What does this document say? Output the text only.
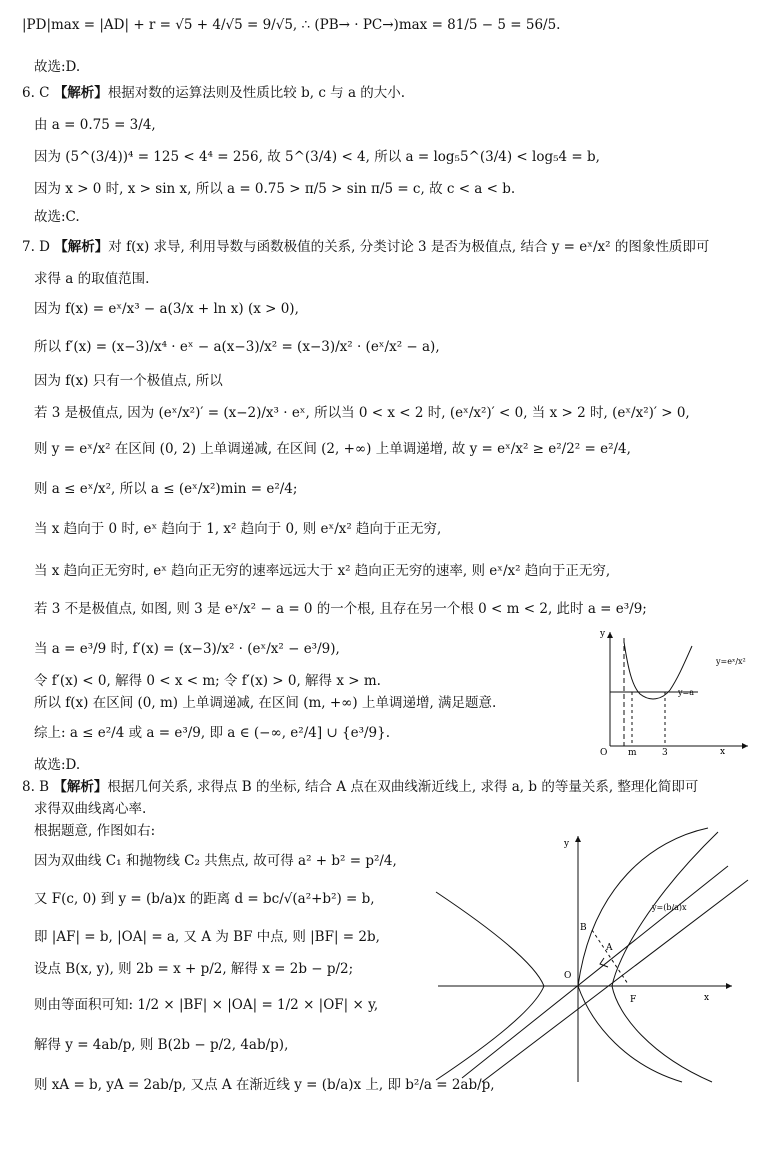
|PD|max = |AD| + r = √5 + 4/√5 = 9/√5, ∴ (PB→ · PC→)max = 81/5 − 5 = 56/5.
故选:D.
6. C 【解析】根据对数的运算法则及性质比较 b, c 与 a 的大小.
由 a = 0.75 = 3/4,
因为 (5^(3/4))⁴ = 125 < 4⁴ = 256, 故 5^(3/4) < 4, 所以 a = log₅5^(3/4) < log₅4 = b,
因为 x > 0 时, x > sin x, 所以 a = 0.75 > π/5 > sin π/5 = c, 故 c < a < b.
故选:C.
7. D 【解析】对 f(x) 求导, 利用导数与函数极值的关系, 分类讨论 3 是否为极值点, 结合 y = eˣ/x² 的图象性质即可
求得 a 的取值范围.
因为 f(x) = eˣ/x³ − a(3/x + ln x) (x > 0),
所以 f′(x) = (x−3)/x⁴ · eˣ − a(x−3)/x² = (x−3)/x² · (eˣ/x² − a),
因为 f(x) 只有一个极值点, 所以
若 3 是极值点, 因为 (eˣ/x²)′ = (x−2)/x³ · eˣ, 所以当 0 < x < 2 时, (eˣ/x²)′ < 0, 当 x > 2 时, (eˣ/x²)′ > 0,
则 y = eˣ/x² 在区间 (0, 2) 上单调递减, 在区间 (2, +∞) 上单调递增, 故 y = eˣ/x² ≥ e²/2² = e²/4,
则 a ≤ eˣ/x², 所以 a ≤ (eˣ/x²)min = e²/4;
当 x 趋向于 0 时, eˣ 趋向于 1, x² 趋向于 0, 则 eˣ/x² 趋向于正无穷,
当 x 趋向正无穷时, eˣ 趋向正无穷的速率远远大于 x² 趋向正无穷的速率, 则 eˣ/x² 趋向于正无穷,
若 3 不是极值点, 如图, 则 3 是 eˣ/x² − a = 0 的一个根, 且存在另一个根 0 < m < 2, 此时 a = e³/9;
当 a = e³/9 时, f′(x) = (x−3)/x² · (eˣ/x² − e³/9),
令 f′(x) < 0, 解得 0 < x < m; 令 f′(x) > 0, 解得 x > m.
所以 f(x) 在区间 (0, m) 上单调递减, 在区间 (m, +∞) 上单调递增, 满足题意.
综上: a ≤ e²/4 或 a = e³/9, 即 a ∈ (−∞, e²/4] ∪ {e³/9}.
故选:D.
8. B 【解析】根据几何关系, 求得点 B 的坐标, 结合 A 点在双曲线渐近线上, 求得 a, b 的等量关系, 整理化简即可
求得双曲线离心率.
根据题意, 作图如右:
因为双曲线 C₁ 和抛物线 C₂ 共焦点, 故可得 a² + b² = p²/4,
又 F(c, 0) 到 y = (b/a)x 的距离 d = bc/√(a²+b²) = b,
即 |AF| = b, |OA| = a, 又 A 为 BF 中点, 则 |BF| = 2b,
设点 B(x, y), 则 2b = x + p/2, 解得 x = 2b − p/2;
则由等面积可知: 1/2 × |BF| × |OA| = 1/2 × |OF| × y,
解得 y = 4ab/p, 则 B(2b − p/2, 4ab/p),
则 xA = b, yA = 2ab/p, 又点 A 在渐近线 y = (b/a)x 上, 即 b²/a = 2ab/p,
y
x
O m	3
y=a
y=eˣ/x²
y
x
O
A
B
F
y=(b/a)x
